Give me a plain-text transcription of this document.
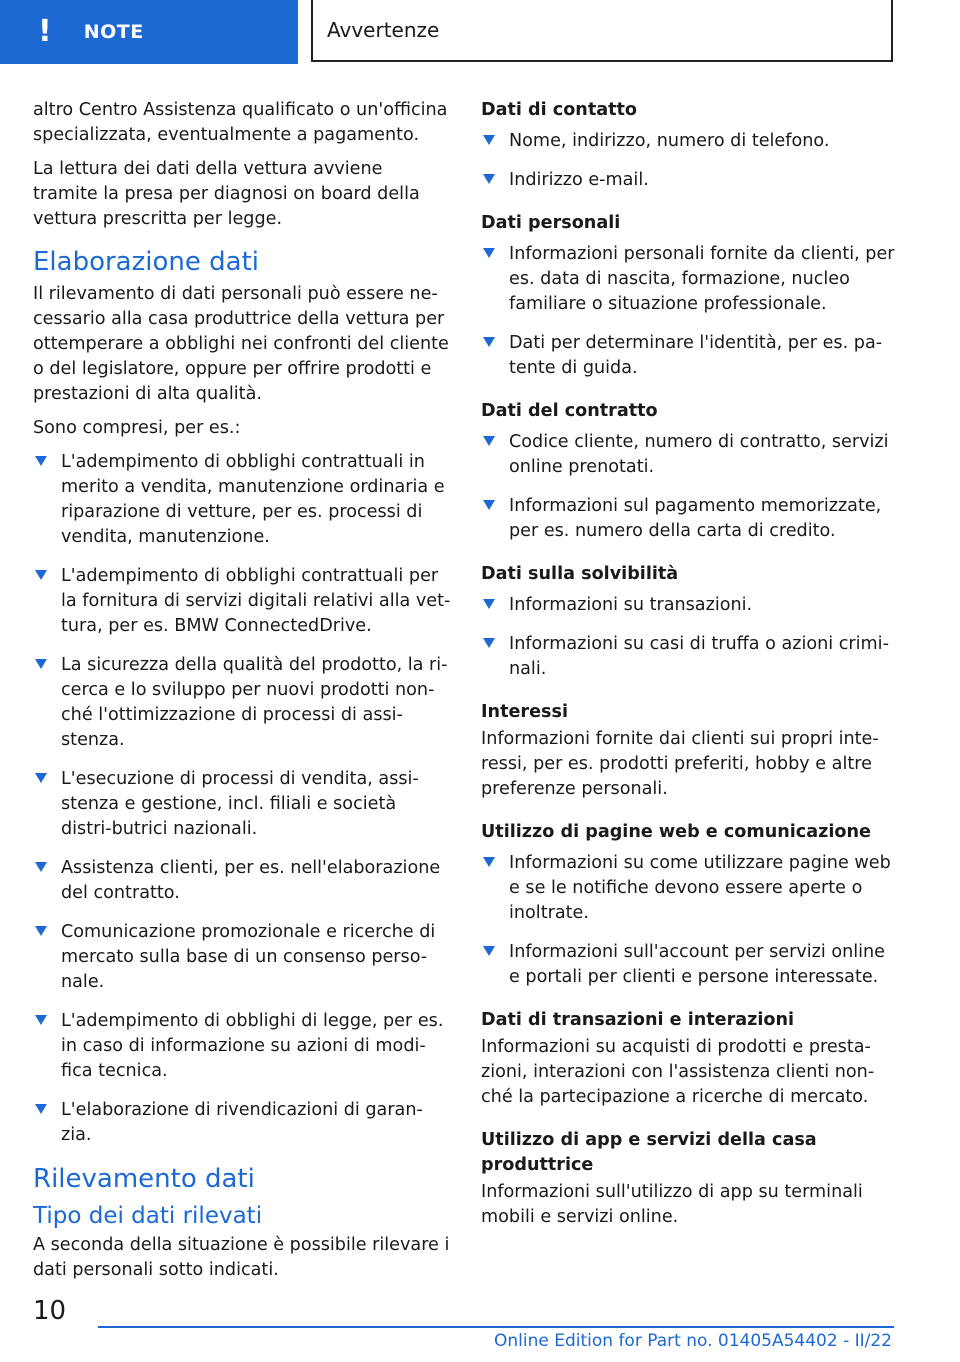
! NOTE	Avvertenze

altro Centro Assistenza qualificato o un'officina specializzata, eventualmente a pagamento.

La lettura dei dati della vettura avviene tramite la presa per diagnosi on board della vettura prescritta per legge.

Elaborazione dati

Il rilevamento di dati personali può essere ne-cessario alla casa produttrice della vettura per ottemperare a obblighi nei confronti del cliente o del legislatore, oppure per offrire prodotti e prestazioni di alta qualità.

Sono compresi, per es.:

L'adempimento di obblighi contrattuali in merito a vendita, manutenzione ordinaria e riparazione di vetture, per es. processi di vendita, manutenzione.
L'adempimento di obblighi contrattuali per la fornitura di servizi digitali relativi alla vet-tura, per es. BMW ConnectedDrive.
La sicurezza della qualità del prodotto, la ri-cerca e lo sviluppo per nuovi prodotti non-ché l'ottimizzazione di processi di assi-stenza.
L'esecuzione di processi di vendita, assi-stenza e gestione, incl. filiali e società distri-butrici nazionali.
Assistenza clienti, per es. nell'elaborazione del contratto.
Comunicazione promozionale e ricerche di mercato sulla base di un consenso perso-nale.
L'adempimento di obblighi di legge, per es. in caso di informazione su azioni di modi-fica tecnica.
L'elaborazione di rivendicazioni di garan-zia.
Rilevamento dati
Tipo dei dati rilevati

A seconda della situazione è possibile rilevare i dati personali sotto indicati.

Dati di contatto
Nome, indirizzo, numero di telefono.
Indirizzo e-mail.
Dati personali
Informazioni personali fornite da clienti, per es. data di nascita, formazione, nucleo familiare o situazione professionale.
Dati per determinare l'identità, per es. pa-tente di guida.
Dati del contratto
Codice cliente, numero di contratto, servizi online prenotati.
Informazioni sul pagamento memorizzate, per es. numero della carta di credito.
Dati sulla solvibilità
Informazioni su transazioni.
Informazioni su casi di truffa o azioni crimi-nali.
Interessi

Informazioni fornite dai clienti sui propri inte-ressi, per es. prodotti preferiti, hobby e altre preferenze personali.

Utilizzo di pagine web e comunicazione
Informazioni su come utilizzare pagine web e se le notifiche devono essere aperte o inoltrate.
Informazioni sull'account per servizi online e portali per clienti e persone interessate.
Dati di transazioni e interazioni

Informazioni su acquisti di prodotti e presta-zioni, interazioni con l'assistenza clienti non-ché la partecipazione a ricerche di mercato.

Utilizzo di app e servizi della casa produttrice

Informazioni sull'utilizzo di app su terminali mobili e servizi online.

10
Online Edition for Part no. 01405A54402 - II/22
